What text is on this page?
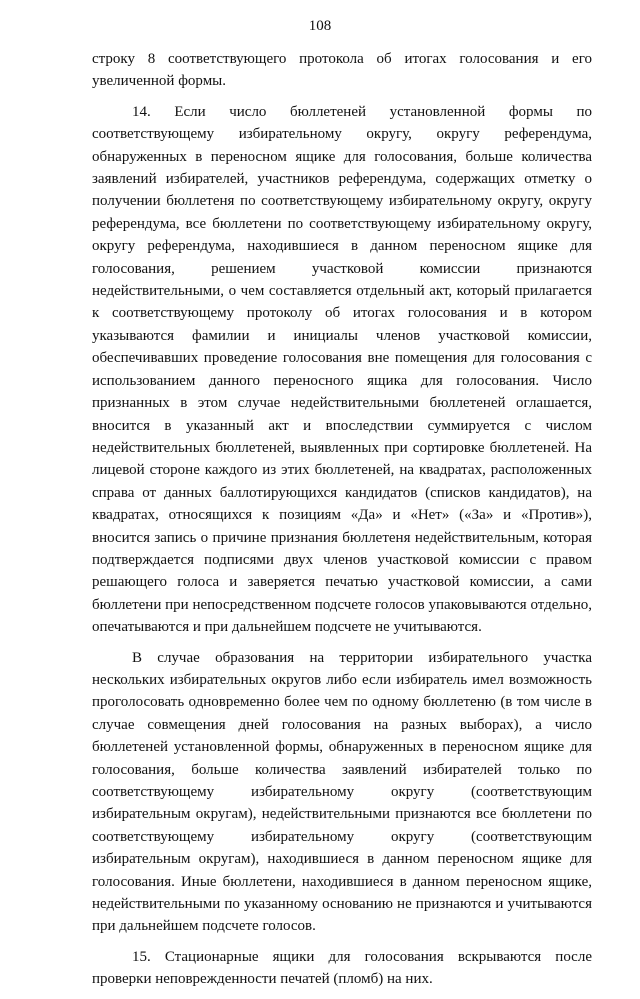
108

строку 8 соответствующего протокола об итогах голосования и его увеличенной формы.

14. Если число бюллетеней установленной формы по соответствующему избирательному округу, округу референдума, обнаруженных в переносном ящике для голосования, больше количества заявлений избирателей, участников референдума, содержащих отметку о получении бюллетеня по соответствующему избирательному округу, округу референдума, все бюллетени по соответствующему избирательному округу, округу референдума, находившиеся в данном переносном ящике для голосования, решением участковой комиссии признаются недействительными, о чем составляется отдельный акт, который прилагается к соответствующему протоколу об итогах голосования и в котором указываются фамилии и инициалы членов участковой комиссии, обеспечивавших проведение голосования вне помещения для голосования с использованием данного переносного ящика для голосования. Число признанных в этом случае недействительными бюллетеней оглашается, вносится в указанный акт и впоследствии суммируется с числом недействительных бюллетеней, выявленных при сортировке бюллетеней. На лицевой стороне каждого из этих бюллетеней, на квадратах, расположенных справа от данных баллотирующихся кандидатов (списков кандидатов), на квадратах, относящихся к позициям «Да» и «Нет» («За» и «Против»), вносится запись о причине признания бюллетеня недействительным, которая подтверждается подписями двух членов участковой комиссии с правом решающего голоса и заверяется печатью участковой комиссии, а сами бюллетени при непосредственном подсчете голосов упаковываются отдельно, опечатываются и при дальнейшем подсчете не учитываются.

В случае образования на территории избирательного участка нескольких избирательных округов либо если избиратель имел возможность проголосовать одновременно более чем по одному бюллетеню (в том числе в случае совмещения дней голосования на разных выборах), а число бюллетеней установленной формы, обнаруженных в переносном ящике для голосования, больше количества заявлений избирателей только по соответствующему избирательному округу (соответствующим избирательным округам), недействительными признаются все бюллетени по соответствующему избирательному округу (соответствующим избирательным округам), находившиеся в данном переносном ящике для голосования. Иные бюллетени, находившиеся в данном переносном ящике, недействительными по указанному основанию не признаются и учитываются при дальнейшем подсчете голосов.

15. Стационарные ящики для голосования вскрываются после проверки неповрежденности печатей (пломб) на них.
